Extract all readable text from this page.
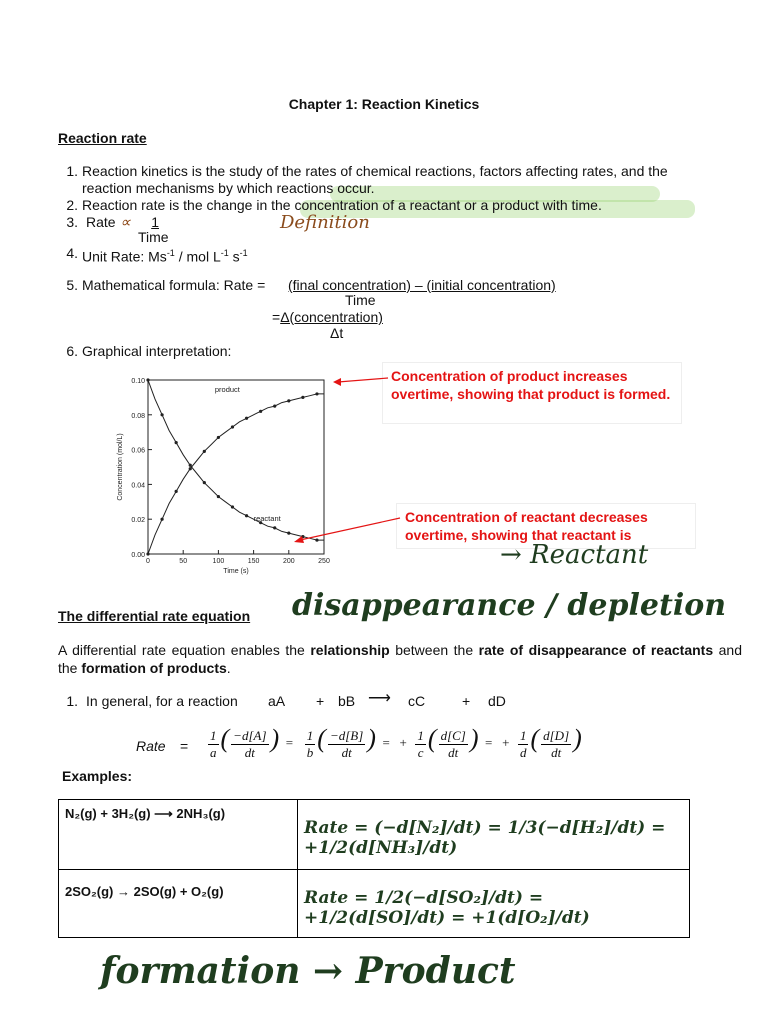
Chapter 1: Reaction Kinetics
Reaction rate
1. Reaction kinetics is the study of the rates of chemical reactions, factors affecting rates, and the
reaction mechanisms by which reactions occur.
2. Reaction rate is the change in the concentration of a reactant or a product with time.
3. Rate ∝	1
Time
Definition
4. Unit Rate: $Ms^{-1}$ / mol $L^{-1}$ $s^{-1}$
5. Mathematical formula: Rate = (final concentration) – (initial concentration)
Time
=Δ(concentration)
Δt
6. Graphical interpretation:
0.00
0.02
0.04
0.06
0.08
0.10
0	50	100	150	200	250
Time (s)
Concentration (mol/L)
product
reactant
Concentration of product increases overtime, showing that product is formed.
Concentration of reactant decreases overtime, showing that reactant is
→ Reactant
The differential rate equation disappearance / depletion
A differential rate equation enables the relationship between the rate of disappearance of reactants and the formation of products.
1. In general, for a reaction aA + bB ⟶ cC	+ dD
Rate = $\frac{1}{a}$ ( $\frac{-d[A]}{dt}$ )  = $\frac{1}{b}$ ( $\frac{-d[B]}{dt}$ )  =   + $\frac{1}{c}$ ( $\frac{d[C]}{dt}$ )  =   + $\frac{1}{d}$ ( $\frac{d[D]}{dt}$ )
Examples:
N₂(g) + 3H₂(g) ⟶ 2NH₃(g)	Rate = (−d[N₂]/dt) = 1/3(−d[H₂]/dt) = +1/2(d[NH₃]/dt)

2SO₂(g) → 2SO(g) + O₂(g)	Rate = 1/2(−d[SO₂]/dt) = +1/2(d[SO]/dt) = +1(d[O₂]/dt)
formation → Product
